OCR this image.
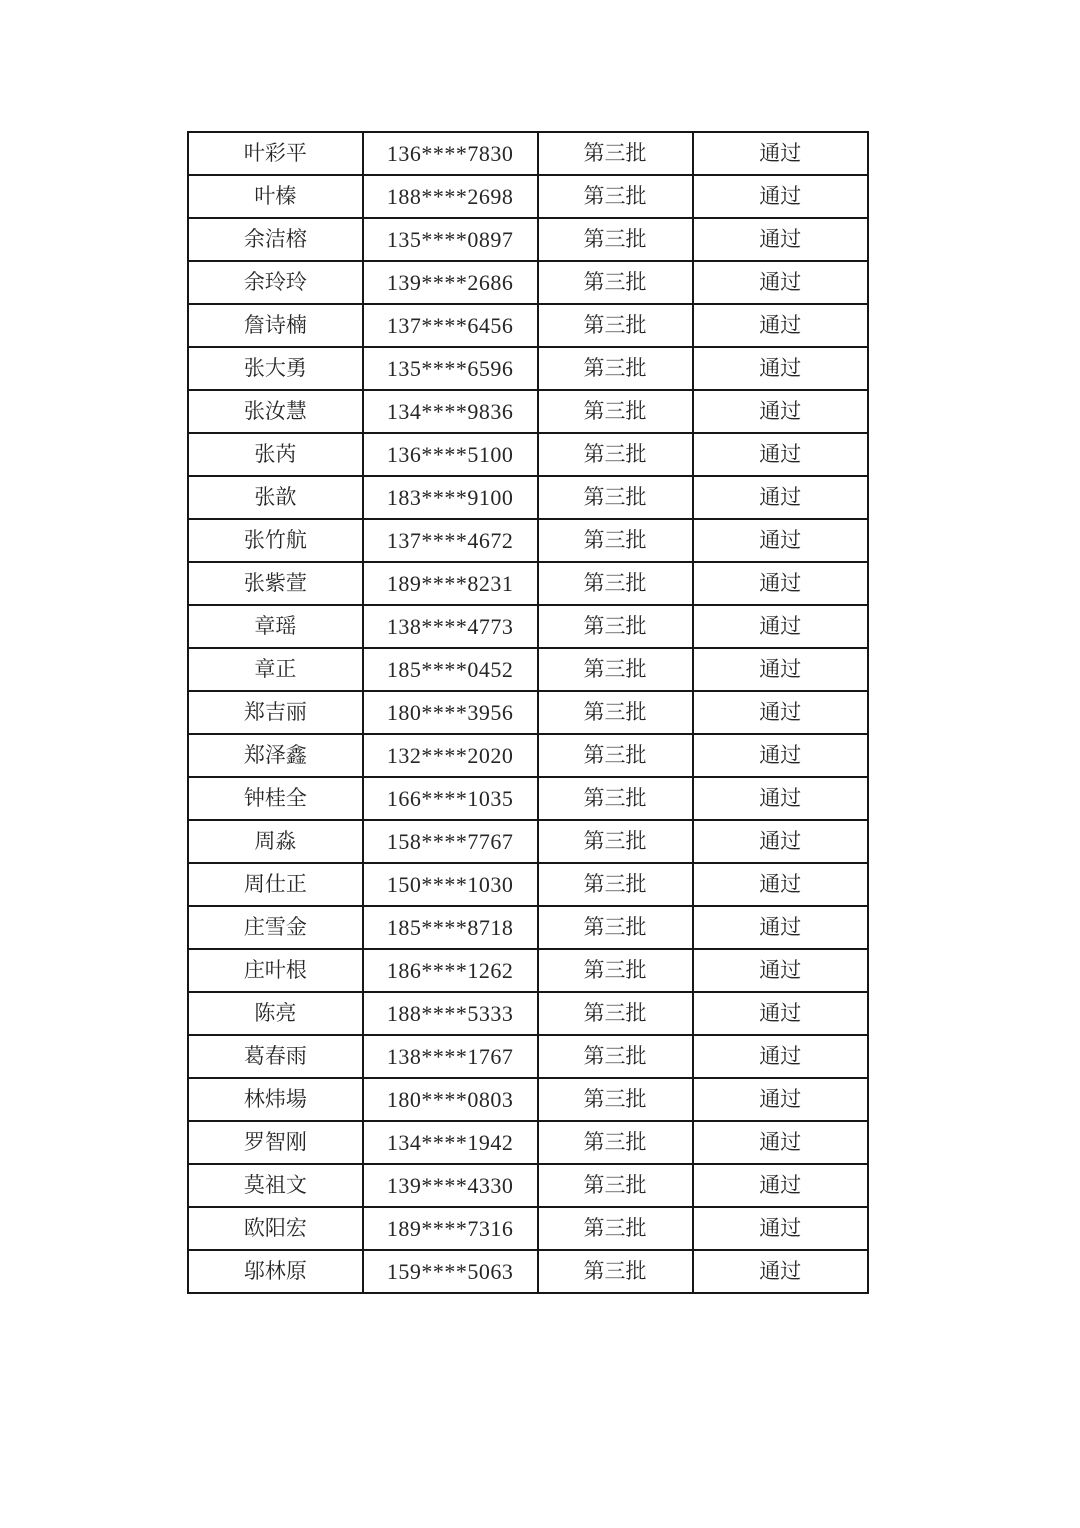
叶彩平	136****7830	第三批	通过
叶榛	188****2698	第三批	通过
余洁榕	135****0897	第三批	通过
余玲玲	139****2686	第三批	通过
詹诗楠	137****6456	第三批	通过
张大勇	135****6596	第三批	通过
张汝慧	134****9836	第三批	通过
张芮	136****5100	第三批	通过
张歆	183****9100	第三批	通过
张竹航	137****4672	第三批	通过
张紫萱	189****8231	第三批	通过
章瑶	138****4773	第三批	通过
章正	185****0452	第三批	通过
郑吉丽	180****3956	第三批	通过
郑泽鑫	132****2020	第三批	通过
钟桂全	166****1035	第三批	通过
周淼	158****7767	第三批	通过
周仕正	150****1030	第三批	通过
庄雪金	185****8718	第三批	通过
庄叶根	186****1262	第三批	通过
陈亮	188****5333	第三批	通过
葛春雨	138****1767	第三批	通过
林炜場	180****0803	第三批	通过
罗智刚	134****1942	第三批	通过
莫祖文	139****4330	第三批	通过
欧阳宏	189****7316	第三批	通过
邬林原	159****5063	第三批	通过
